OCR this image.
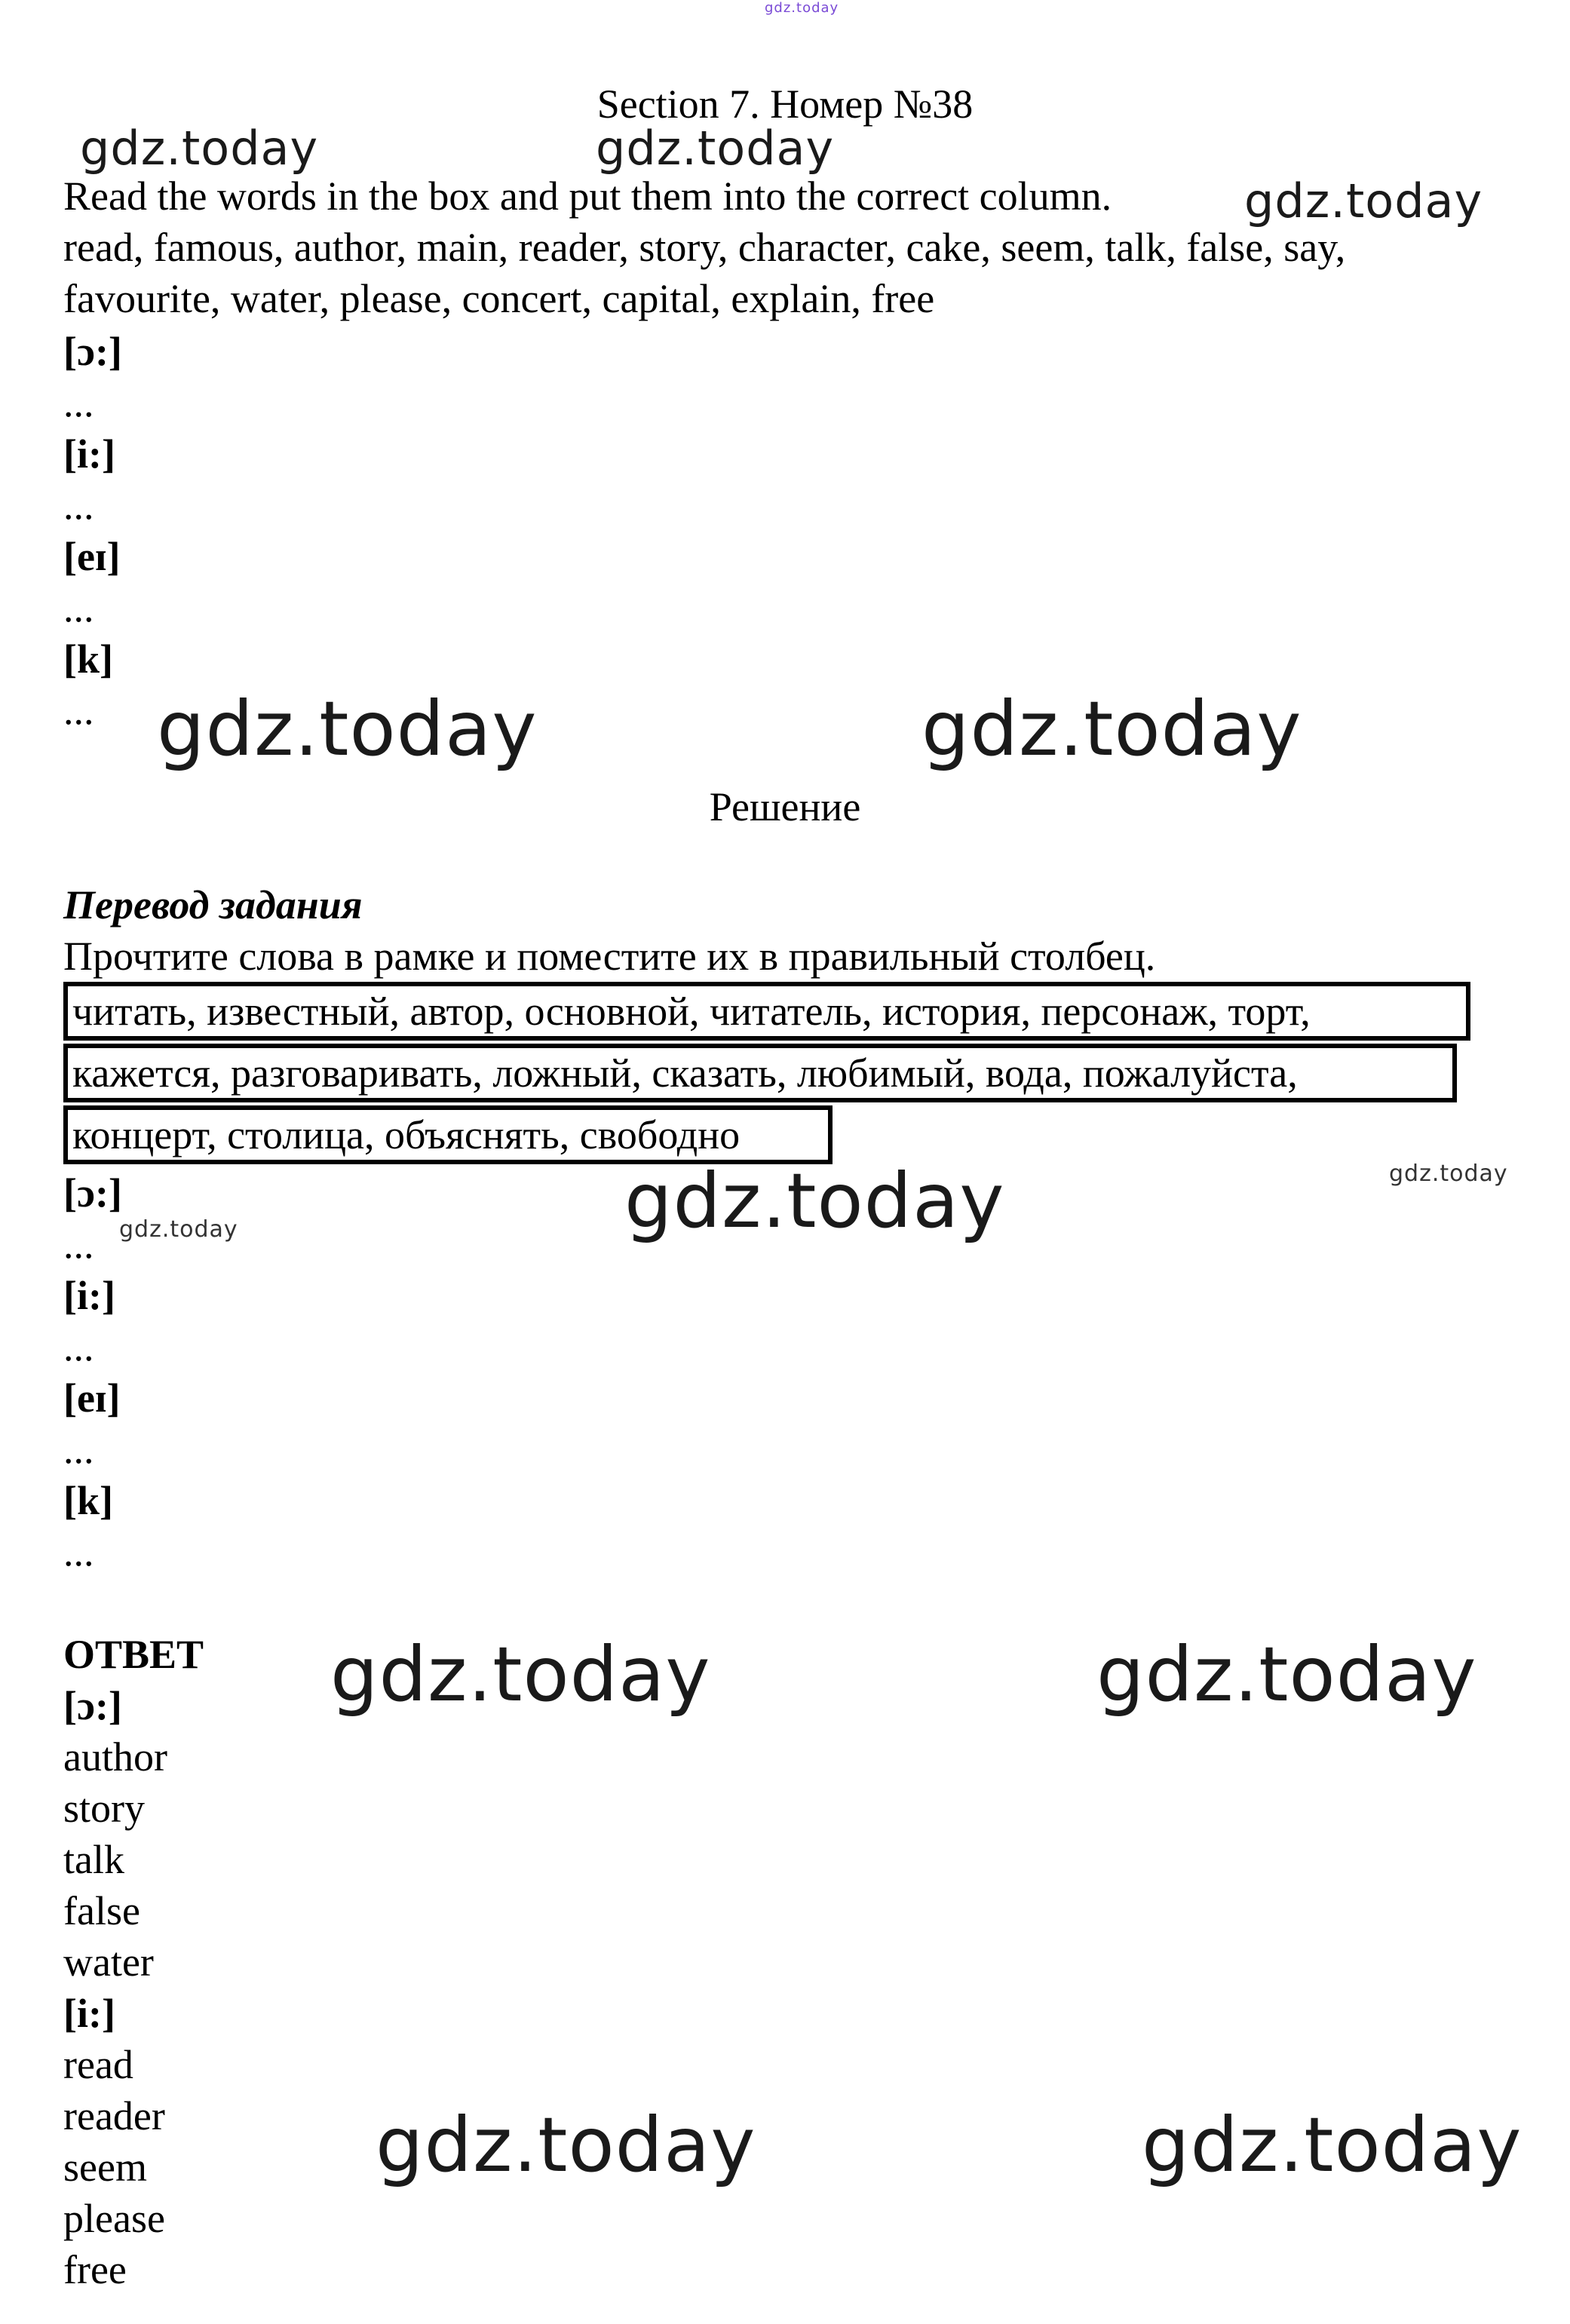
gdz.today
Section 7. Номер №38
Read the words in the box and put them into the correct column.
read, famous, author, main, reader, story, character, cake, seem, talk, false, say,
favourite, water, please, concert, capital, explain, free
[ɔ:]
...
[i:]
...
[eɪ]
...
[k]
...
Решение
Перевод задания
Прочтите слова в рамке и поместите их в правильный столбец.
читать, известный, автор, основной, читатель, история, персонаж, торт,
кажется, разговаривать, ложный, сказать, любимый, вода, пожалуйста,
концерт, столица, объяснять, свободно
[ɔ:]
...
[i:]
...
[eɪ]
...
[k]
...
ОТВЕТ
[ɔ:]
author
story
talk
false
water
[i:]
read
reader
seem
please
free
gdz.today	gdz.today
gdz.today
gdz.today	gdz.today
gdz.today	gdz.today
gdz.today
gdz.today	gdz.today
gdz.today	gdz.today
